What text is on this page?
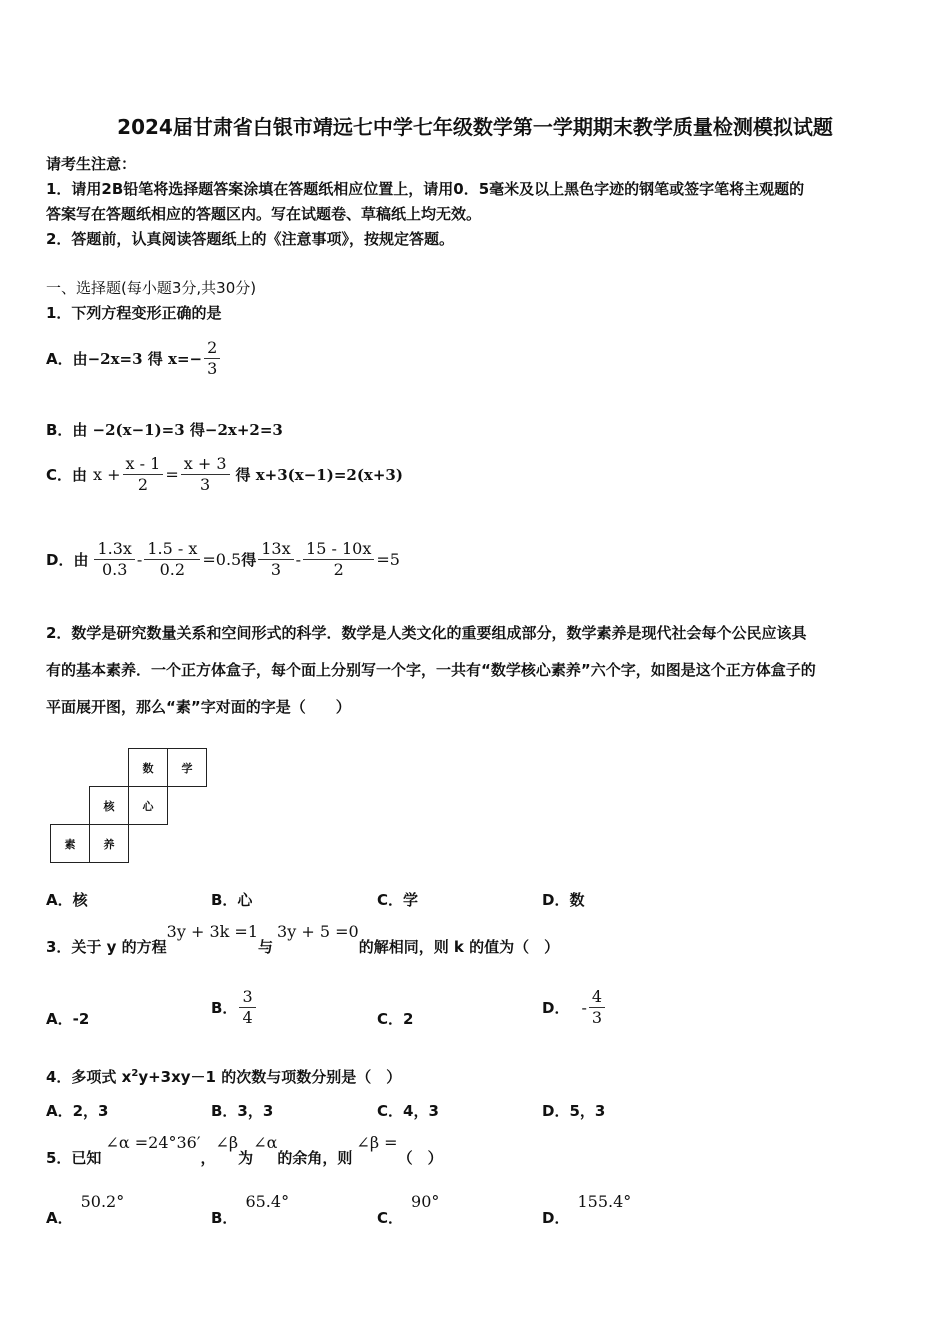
2024届甘肃省白银市靖远七中学七年级数学第一学期期末教学质量检测模拟试题
请考生注意：
1．请用2B铅笔将选择题答案涂填在答题纸相应位置上，请用0．5毫米及以上黑色字迹的钢笔或签字笔将主观题的
答案写在答题纸相应的答题区内。写在试题卷、草稿纸上均无效。
2．答题前，认真阅读答题纸上的《注意事项》，按规定答题。
一、选择题(每小题3分,共30分)
1．下列方程变形正确的是
A．由 −2x=3 得 $x=- \frac{2}{3}$
B．由 −2(x−1)=3 得−2x+2=3
C．由 $x + \frac{x - 1}{2} = \frac{x + 3}{3}$ 得 x+3(x−1)=2(x+3)
D．由 $\frac{1.3x}{0.3} - \frac{1.5 - x}{0.2} =0.5$ 得 $\frac{13x}{3} - \frac{15 - 10x}{2} =5$
2．数学是研究数量关系和空间形式的科学．数学是人类文化的重要组成部分，数学素养是现代社会每个公民应该具
有的基本素养．一个正方体盒子，每个面上分别写一个字，一共有“数学核心素养”六个字，如图是这个正方体盒子的
平面展开图，那么“素”字对面的字是（　　）
数	学
核	心
素	养
A．核	B．心	C．学	D．数
3．关于 y 的方程
3y + 3k =1
与
3y + 5 =0
的解相同，则 k 的值为（　）
A．-2
B． $\frac{3}{4}$	C．2
D． - $\frac{4}{3}$
4．多项式 $x^2y+3xy-1$ 的次数与项数分别是（　）
A．2，3	B．3，3	C．4，3	D．5，3
5．已知
∠α =24°36′
，
∠β
为
∠α
的余角，则
∠β =
（　）
A．
50.2°
B．
65.4°
C．
90°
D．
155.4°
